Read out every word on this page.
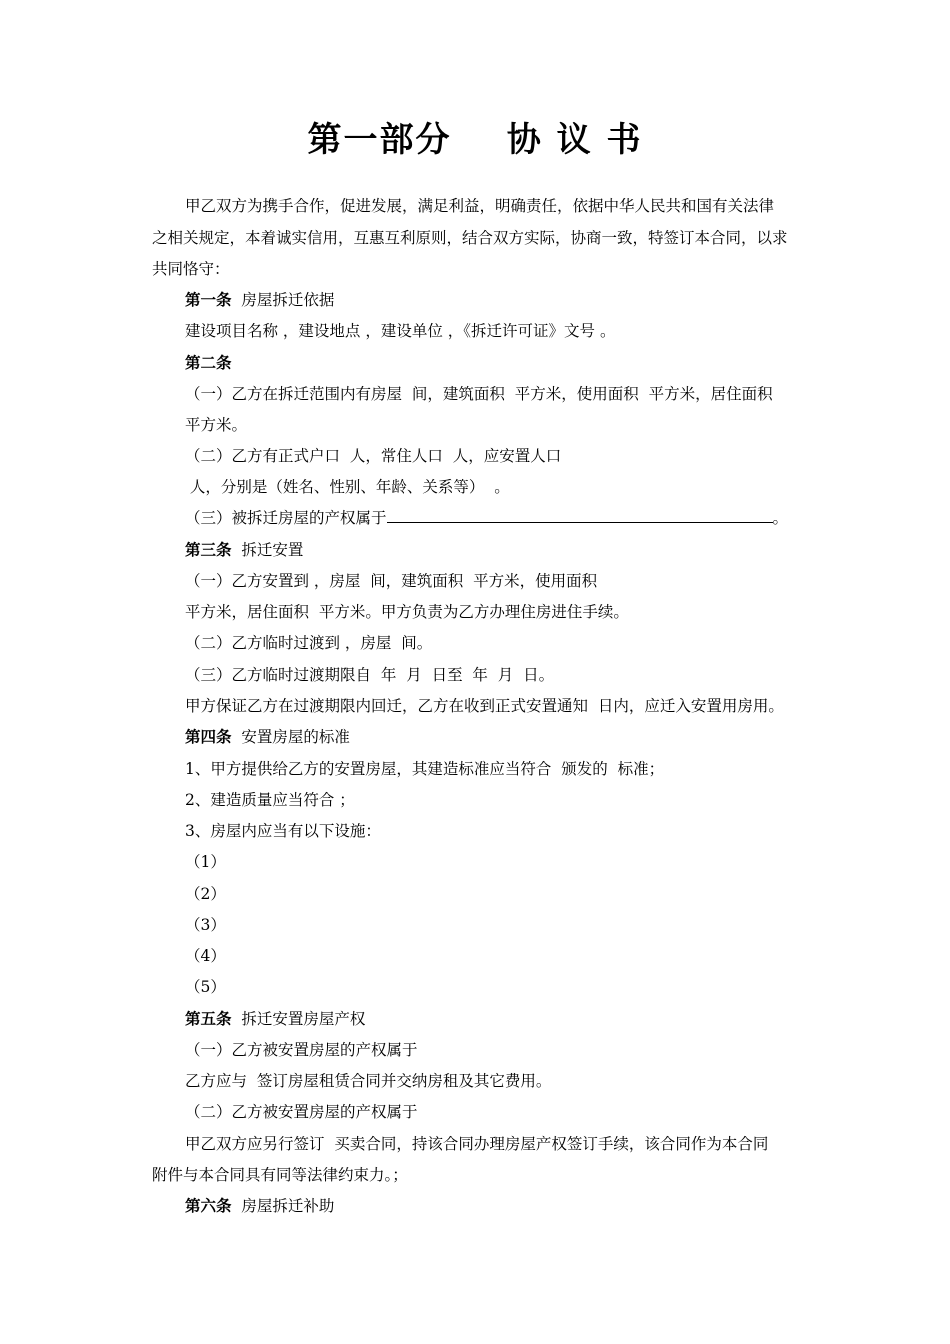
第一部分    协 议 书
甲乙双方为携手合作，促进发展，满足利益，明确责任，依据中华人民共和国有关法律
之相关规定，本着诚实信用，互惠互利原则，结合双方实际，协商一致，特签订本合同，以求
共同恪守：
第一条 房屋拆迁依据
建设项目名称 ，建设地点 ，建设单位 ，《拆迁许可证》文号 。
第二条
（一）乙方在拆迁范围内有房屋  间，建筑面积  平方米，使用面积  平方米，居住面积
平方米。
（二）乙方有正式户口  人，常住人口  人，应安置人口
人，分别是（姓名、性别、年龄、关系等）  。
（三）被拆迁房屋的产权属于	。
第三条 拆迁安置
（一）乙方安置到 ，房屋  间，建筑面积  平方米，使用面积
平方米，居住面积  平方米。甲方负责为乙方办理住房进住手续。
（二）乙方临时过渡到 ，房屋  间。
（三）乙方临时过渡期限自  年  月  日至  年  月  日。
甲方保证乙方在过渡期限内回迁，乙方在收到正式安置通知  日内，应迁入安置用房用。
第四条 安置房屋的标准
1、甲方提供给乙方的安置房屋，其建造标准应当符合  颁发的  标准；
2、建造质量应当符合 ；
3、房屋内应当有以下设施：
（1）
（2）
（3）
（4）
（5）
第五条 拆迁安置房屋产权
（一）乙方被安置房屋的产权属于
乙方应与  签订房屋租赁合同并交纳房租及其它费用。
（二）乙方被安置房屋的产权属于
甲乙双方应另行签订  买卖合同，持该合同办理房屋产权签订手续，该合同作为本合同
附件与本合同具有同等法律约束力。；
第六条 房屋拆迁补助
